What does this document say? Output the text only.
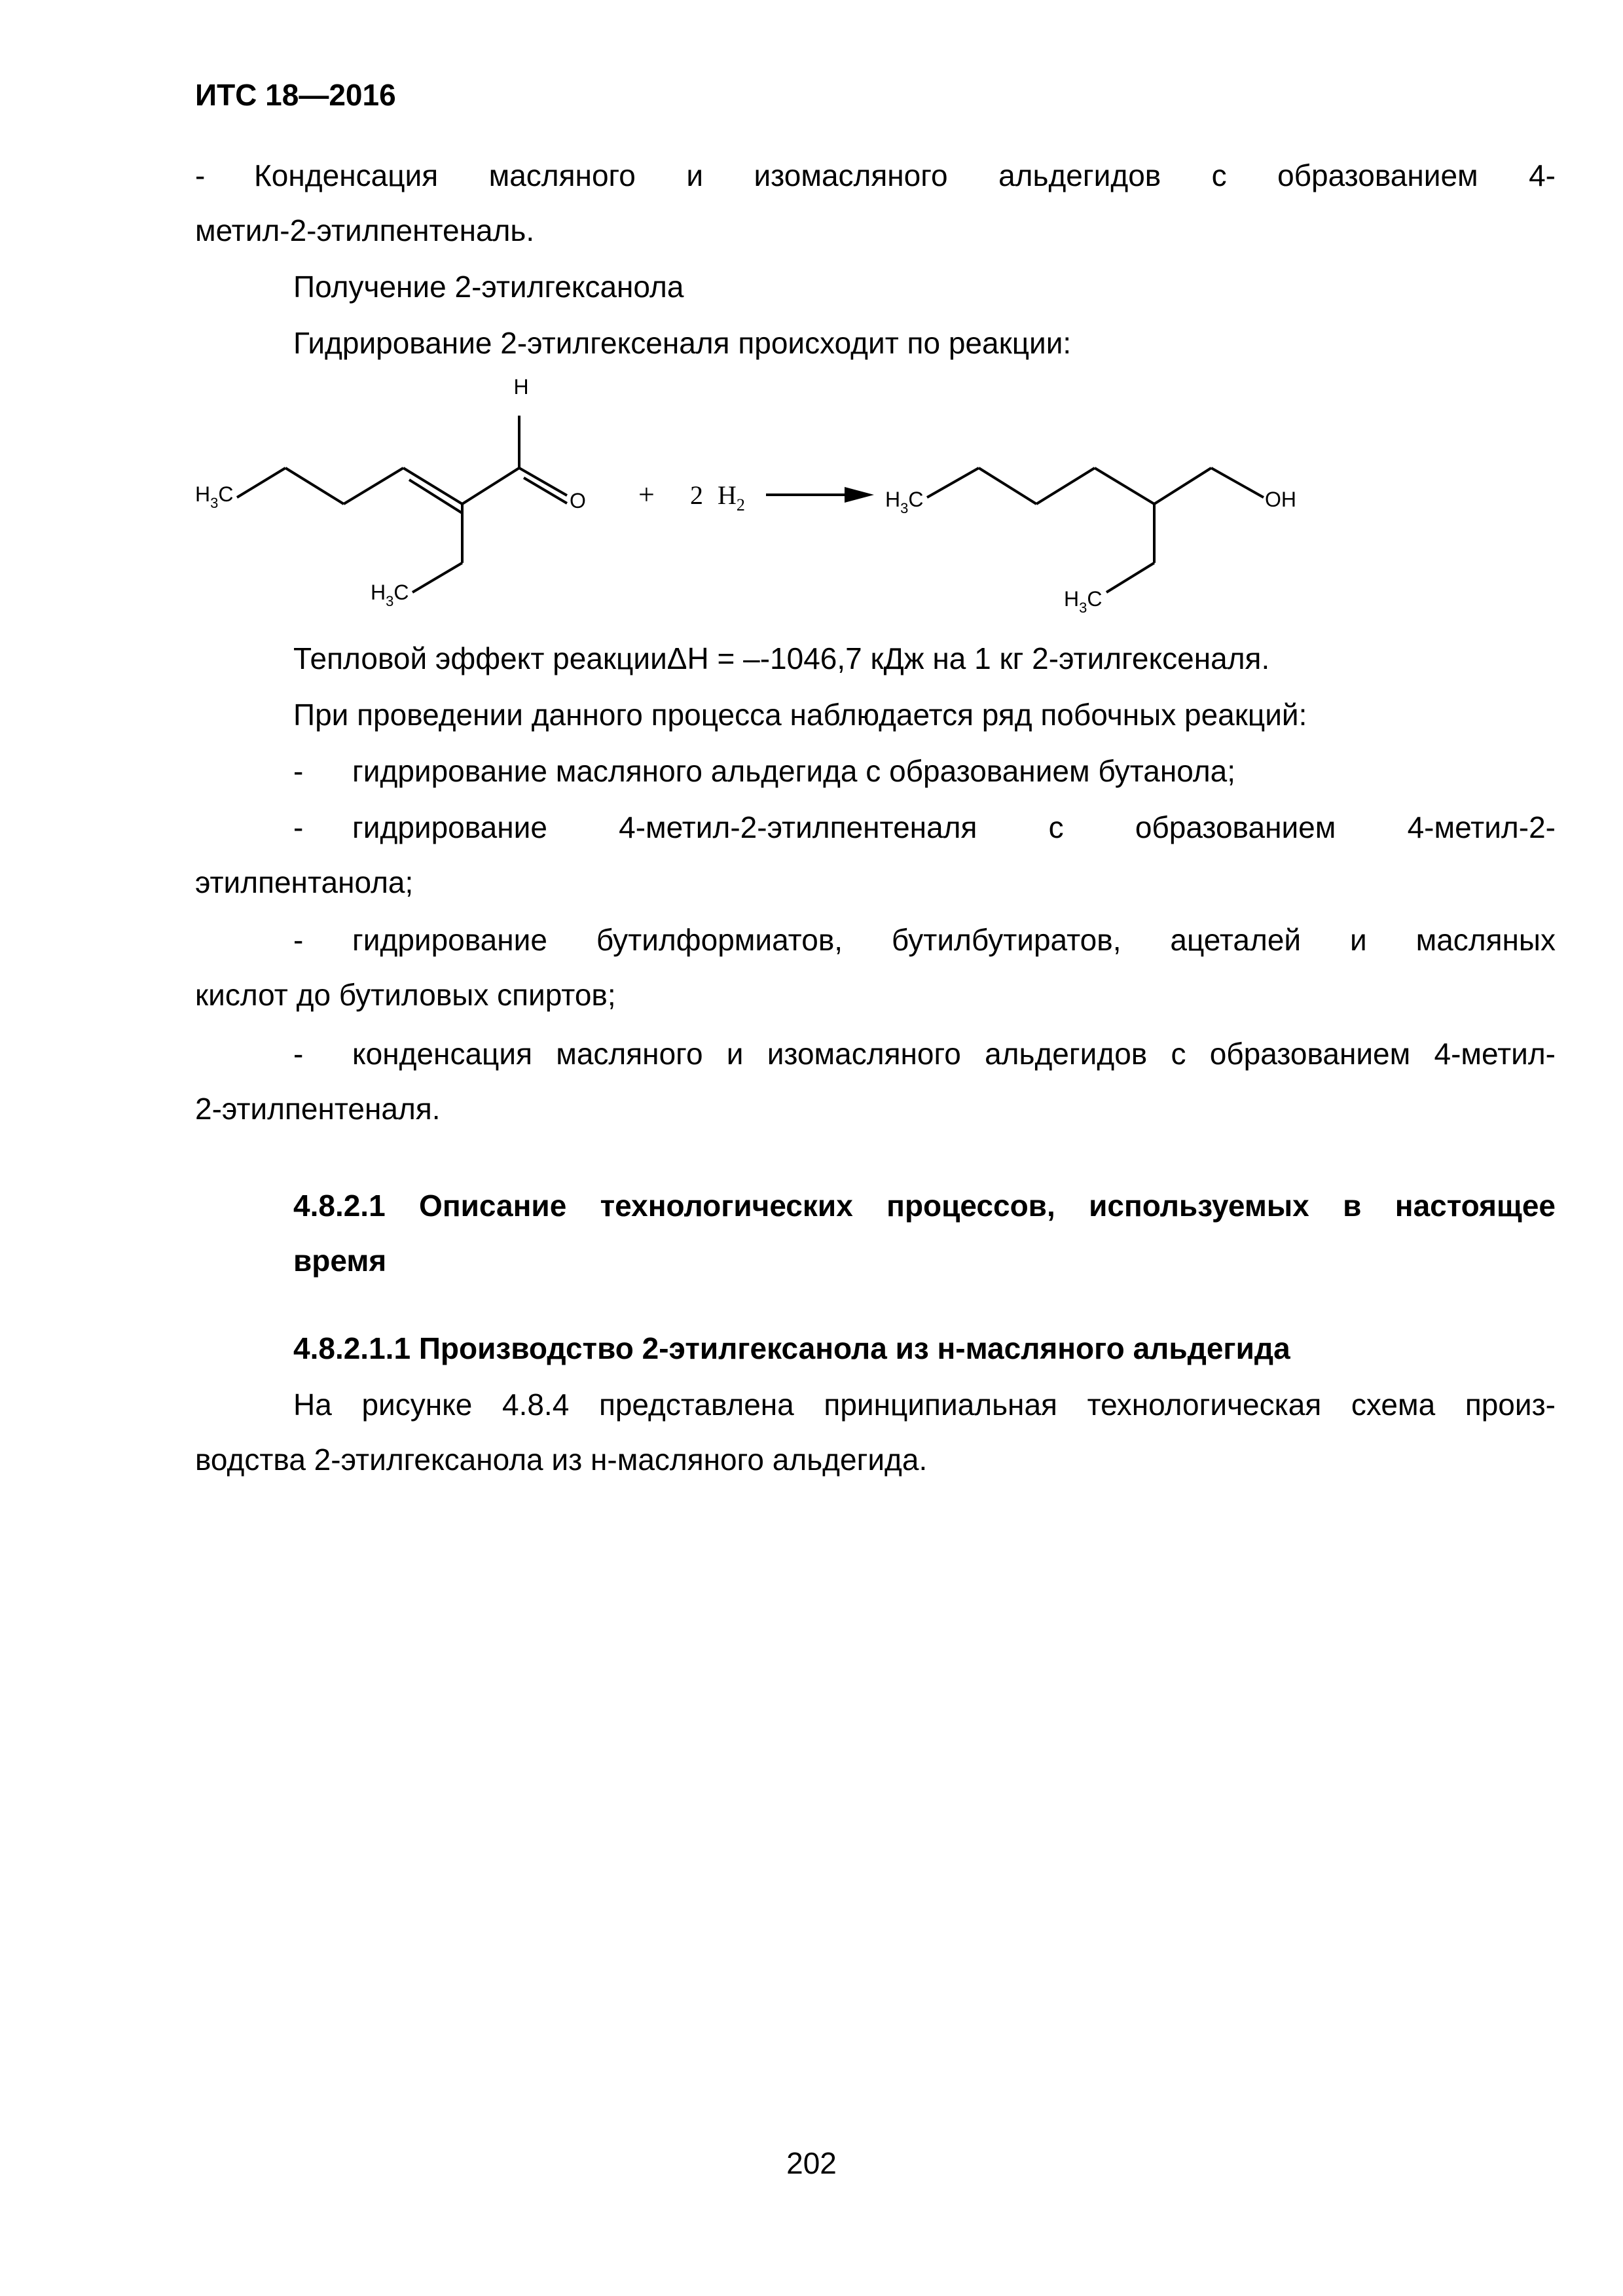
ИТС 18—2016
-	Конденсация масляного и изомасляного альдегидов с образованием 4-
метил-2-этилпентеналь.
Получение 2-этилгексанола
Гидрирование 2-этилгексеналя происходит по реакции:
H
O
$H_3C$
$H_3C$
+ 2 $H_2$	$H_3C$	OH
$H_3C$
Тепловой эффект реакцииΔН = –-1046,7 кДж на 1 кг 2-этилгексеналя.
При проведении данного процесса наблюдается ряд побочных реакций:
-	гидрирование масляного альдегида с образованием бутанола;
-	гидрирование 4-метил-2-этилпентеналя с образованием 4-метил-2-
этилпентанола;
-	гидрирование бутилформиатов, бутилбутиратов, ацеталей и масляных
кислот до бутиловых спиртов;
-	конденсация масляного и изомасляного альдегидов с образованием 4-метил-
2-этилпентеналя.
4.8.2.1 Описание технологических процессов, используемых в настоящее
время
4.8.2.1.1 Производство 2-этилгексанола из н-масляного альдегида
На рисунке 4.8.4 представлена принципиальная технологическая схема произ-
водства 2-этилгексанола из н-масляного альдегида.
202
